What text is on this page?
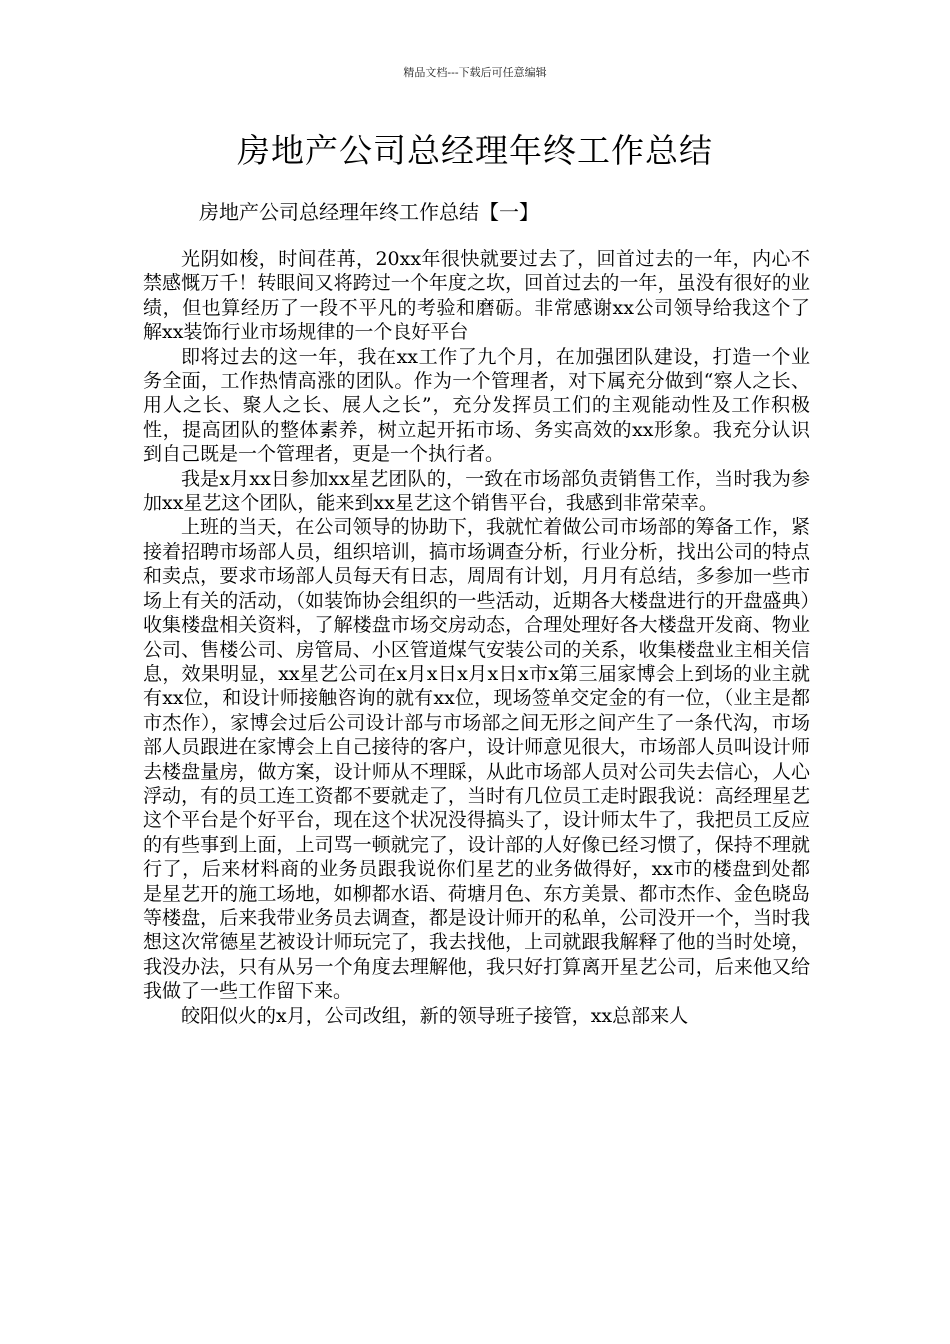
精品文档---下载后可任意编辑
房地产公司总经理年终工作总结
房地产公司总经理年终工作总结【一】

光阴如梭，时间荏苒，20xx年很快就要过去了，回首过去的一年，内心不禁感慨万千！转眼间又将跨过一个年度之坎，回首过去的一年，虽没有很好的业绩，但也算经历了一段不平凡的考验和磨砺。非常感谢xx公司领导给我这个了解xx装饰行业市场规律的一个良好平台

即将过去的这一年，我在xx工作了九个月，在加强团队建设，打造一个业务全面，工作热情高涨的团队。作为一个管理者，对下属充分做到“察人之长、用人之长、聚人之长、展人之长”，充分发挥员工们的主观能动性及工作积极性，提高团队的整体素养，树立起开拓市场、务实高效的xx形象。我充分认识到自己既是一个管理者，更是一个执行者。

我是x月xx日参加xx星艺团队的，一致在市场部负责销售工作，当时我为参加xx星艺这个团队，能来到xx星艺这个销售平台，我感到非常荣幸。

上班的当天，在公司领导的协助下，我就忙着做公司市场部的筹备工作，紧接着招聘市场部人员，组织培训，搞市场调查分析，行业分析，找出公司的特点和卖点，要求市场部人员每天有日志，周周有计划，月月有总结，多参加一些市场上有关的活动，（如装饰协会组织的一些活动，近期各大楼盘进行的开盘盛典）收集楼盘相关资料，了解楼盘市场交房动态，合理处理好各大楼盘开发商、物业公司、售楼公司、房管局、小区管道煤气安装公司的关系，收集楼盘业主相关信息，效果明显，xx星艺公司在x月x日x月x日x市x第三届家博会上到场的业主就有xx位，和设计师接触咨询的就有xx位，现场签单交定金的有一位，（业主是都市杰作），家博会过后公司设计部与市场部之间无形之间产生了一条代沟，市场部人员跟进在家博会上自己接待的客户，设计师意见很大，市场部人员叫设计师去楼盘量房，做方案，设计师从不理睬，从此市场部人员对公司失去信心，人心浮动，有的员工连工资都不要就走了，当时有几位员工走时跟我说：高经理星艺这个平台是个好平台，现在这个状况没得搞头了，设计师太牛了，我把员工反应的有些事到上面，上司骂一顿就完了，设计部的人好像已经习惯了，保持不理就行了，后来材料商的业务员跟我说你们星艺的业务做得好，xx市的楼盘到处都是星艺开的施工场地，如柳都水语、荷塘月色、东方美景、都市杰作、金色晓岛等楼盘，后来我带业务员去调查，都是设计师开的私单，公司没开一个，当时我想这次常德星艺被设计师玩完了，我去找他，上司就跟我解释了他的当时处境，我没办法，只有从另一个角度去理解他，我只好打算离开星艺公司，后来他又给我做了一些工作留下来。

皎阳似火的x月，公司改组，新的领导班子接管，xx总部来人
